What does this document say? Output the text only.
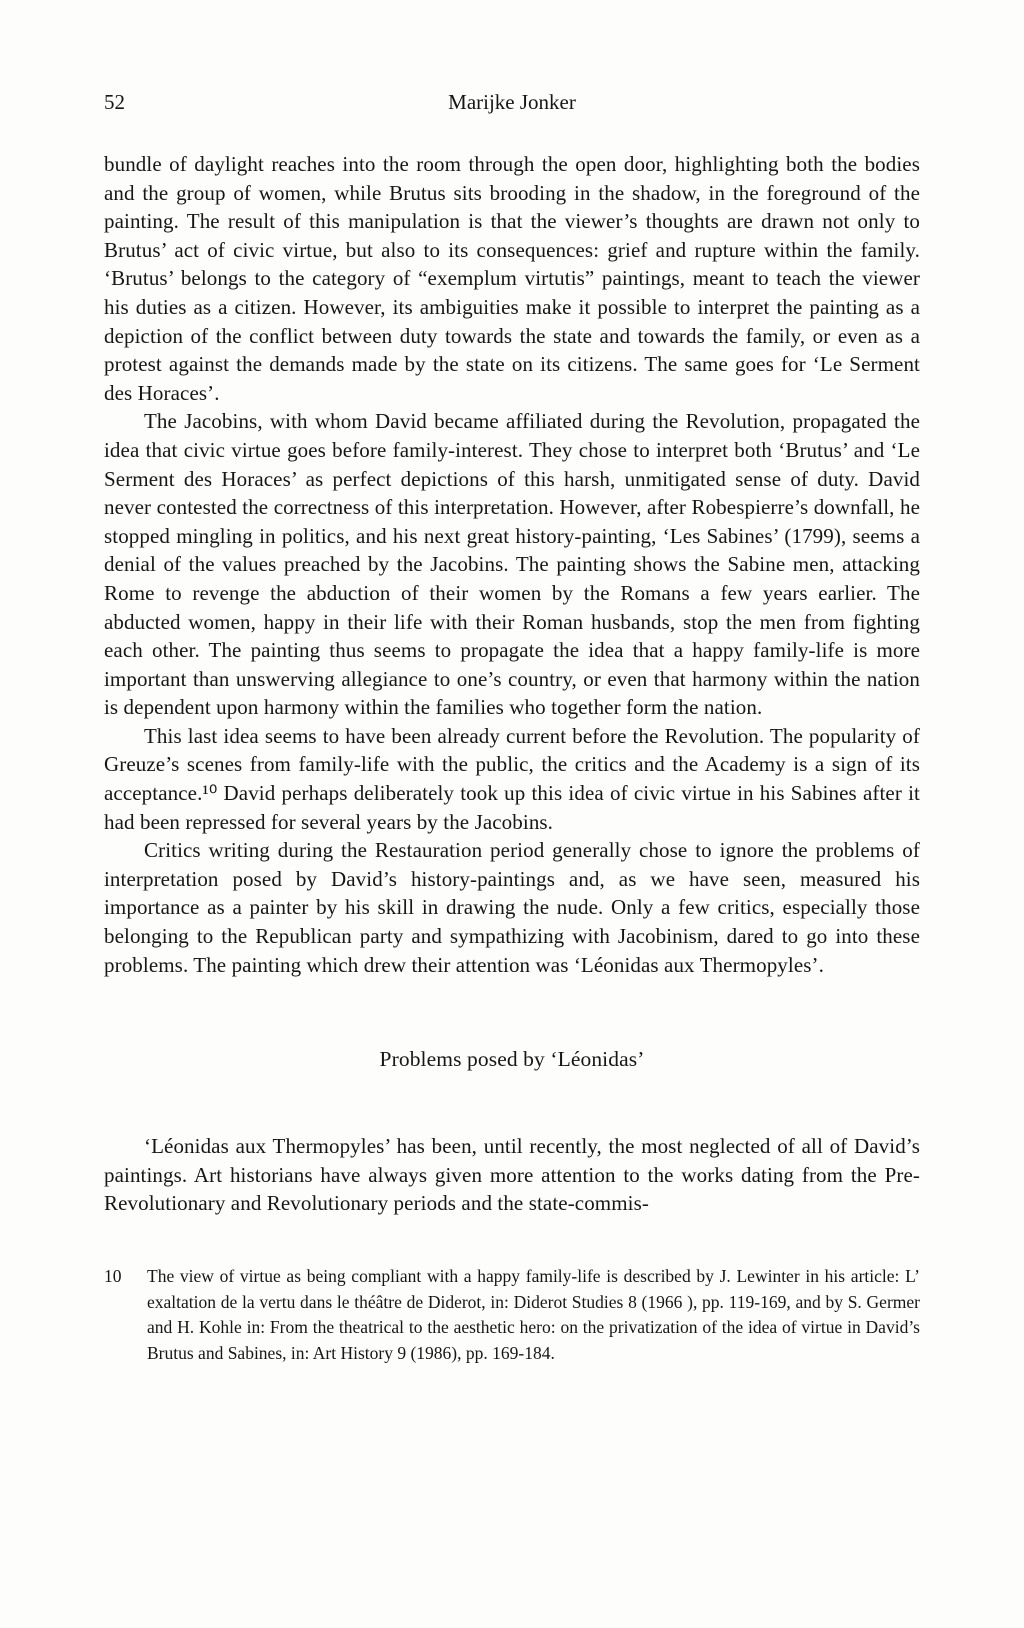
52	Marijke Jonker

bundle of daylight reaches into the room through the open door, highlighting both the bodies and the group of women, while Brutus sits brooding in the shadow, in the foreground of the painting. The result of this manipulation is that the viewer’s thoughts are drawn not only to Brutus’ act of civic virtue, but also to its consequences: grief and rupture within the family. ‘Brutus’ belongs to the category of “exemplum virtutis” paintings, meant to teach the viewer his duties as a citizen. However, its ambiguities make it possible to interpret the painting as a depiction of the conflict between duty towards the state and towards the family, or even as a protest against the demands made by the state on its citizens. The same goes for ‘Le Serment des Horaces’.

The Jacobins, with whom David became affiliated during the Revolution, propagated the idea that civic virtue goes before family-interest. They chose to interpret both ‘Brutus’ and ‘Le Serment des Horaces’ as perfect depictions of this harsh, unmitigated sense of duty. David never contested the correctness of this interpretation. However, after Robespierre’s downfall, he stopped mingling in politics, and his next great history-painting, ‘Les Sabines’ (1799), seems a denial of the values preached by the Jacobins. The painting shows the Sabine men, attacking Rome to revenge the abduction of their women by the Romans a few years earlier. The abducted women, happy in their life with their Roman husbands, stop the men from fighting each other. The painting thus seems to propagate the idea that a happy family-life is more important than unswerving allegiance to one’s country, or even that harmony within the nation is dependent upon harmony within the families who together form the nation.

This last idea seems to have been already current before the Revolution. The popularity of Greuze’s scenes from family-life with the public, the critics and the Academy is a sign of its acceptance.¹⁰ David perhaps deliberately took up this idea of civic virtue in his Sabines after it had been repressed for several years by the Jacobins.

Critics writing during the Restauration period generally chose to ignore the problems of interpretation posed by David’s history-paintings and, as we have seen, measured his importance as a painter by his skill in drawing the nude. Only a few critics, especially those belonging to the Republican party and sympathizing with Jacobinism, dared to go into these problems. The painting which drew their attention was ‘Léonidas aux Thermopyles’.

Problems posed by ‘Léonidas’

‘Léonidas aux Thermopyles’ has been, until recently, the most neglected of all of David’s paintings. Art historians have always given more attention to the works dating from the Pre-Revolutionary and Revolutionary periods and the state-commis-

10	The view of virtue as being compliant with a happy family-life is described by J. Lewinter in his article: L’ exaltation de la vertu dans le théâtre de Diderot, in: Diderot Studies 8 (1966 ), pp. 119-169, and by S. Germer and H. Kohle in: From the theatrical to the aesthetic hero: on the privatization of the idea of virtue in David’s Brutus and Sabines, in: Art History 9 (1986), pp. 169-184.
